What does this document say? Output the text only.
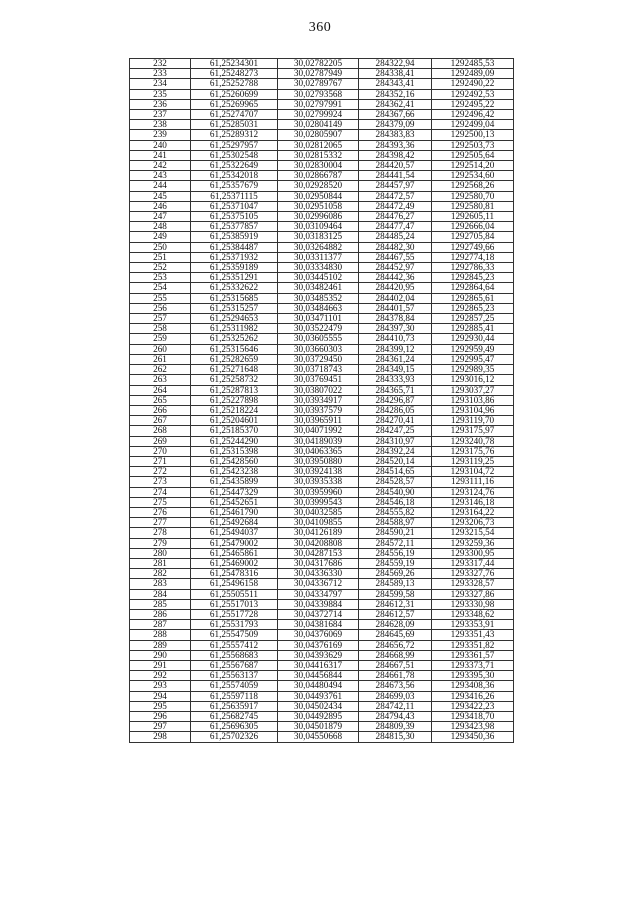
360
232	61,25234301	30,02782205	284322,94	1292485,53
233	61,25248273	30,02787949	284338,41	1292489,09
234	61,25252788	30,02789767	284343,41	1292490,22
235	61,25260699	30,02793568	284352,16	1292492,53
236	61,25269965	30,02797991	284362,41	1292495,22
237	61,25274707	30,02799924	284367,66	1292496,42
238	61,25285031	30,02804149	284379,09	1292499,04
239	61,25289312	30,02805907	284383,83	1292500,13
240	61,25297957	30,02812065	284393,36	1292503,73
241	61,25302548	30,02815332	284398,42	1292505,64
242	61,25322649	30,02830004	284420,57	1292514,20
243	61,25342018	30,02866787	284441,54	1292534,60
244	61,25357679	30,02928520	284457,97	1292568,26
245	61,25371115	30,02950844	284472,57	1292580,70
246	61,25371047	30,02951058	284472,49	1292580,81
247	61,25375105	30,02996086	284476,27	1292605,11
248	61,25377857	30,03109464	284477,47	1292666,04
249	61,25385919	30,03183125	284485,24	1292705,84
250	61,25384487	30,03264882	284482,30	1292749,66
251	61,25371932	30,03311377	284467,55	1292774,18
252	61,25359189	30,03334830	284452,97	1292786,33
253	61,25351291	30,03445102	284442,36	1292845,23
254	61,25332622	30,03482461	284420,95	1292864,64
255	61,25315685	30,03485352	284402,04	1292865,61
256	61,25315257	30,03484663	284401,57	1292865,23
257	61,25294653	30,03471101	284378,84	1292857,25
258	61,25311982	30,03522479	284397,30	1292885,41
259	61,25325262	30,03605555	284410,73	1292930,44
260	61,25315646	30,03660303	284399,12	1292959,49
261	61,25282659	30,03729450	284361,24	1292995,47
262	61,25271648	30,03718743	284349,15	1292989,35
263	61,25258732	30,03769451	284333,93	1293016,12
264	61,25287813	30,03807022	284365,71	1293037,27
265	61,25227898	30,03934917	284296,87	1293103,86
266	61,25218224	30,03937579	284286,05	1293104,96
267	61,25204601	30,03965911	284270,41	1293119,70
268	61,25185370	30,04071992	284247,25	1293175,97
269	61,25244290	30,04189039	284310,97	1293240,78
270	61,25315398	30,04063365	284392,24	1293175,76
271	61,25428560	30,03950880	284520,14	1293119,25
272	61,25423238	30,03924138	284514,65	1293104,72
273	61,25435899	30,03935338	284528,57	1293111,16
274	61,25447329	30,03959960	284540,90	1293124,76
275	61,25452651	30,03999543	284546,18	1293146,18
276	61,25461790	30,04032585	284555,82	1293164,22
277	61,25492684	30,04109855	284588,97	1293206,73
278	61,25494037	30,04126189	284590,21	1293215,54
279	61,25479002	30,04208808	284572,11	1293259,36
280	61,25465861	30,04287153	284556,19	1293300,95
281	61,25469002	30,04317686	284559,19	1293317,44
282	61,25478316	30,04336330	284569,26	1293327,76
283	61,25496158	30,04336712	284589,13	1293328,57
284	61,25505511	30,04334797	284599,58	1293327,86
285	61,25517013	30,04339884	284612,31	1293330,98
286	61,25517728	30,04372714	284612,57	1293348,62
287	61,25531793	30,04381684	284628,09	1293353,91
288	61,25547509	30,04376069	284645,69	1293351,43
289	61,25557412	30,04376169	284656,72	1293351,82
290	61,25568683	30,04393629	284668,99	1293361,57
291	61,25567687	30,04416317	284667,51	1293373,71
292	61,25563137	30,04456844	284661,78	1293395,30
293	61,25574059	30,04480494	284673,56	1293408,36
294	61,25597118	30,04493761	284699,03	1293416,26
295	61,25635917	30,04502434	284742,11	1293422,23
296	61,25682745	30,04492895	284794,43	1293418,70
297	61,25696305	30,04501879	284809,39	1293423,98
298	61,25702326	30,04550668	284815,30	1293450,36
